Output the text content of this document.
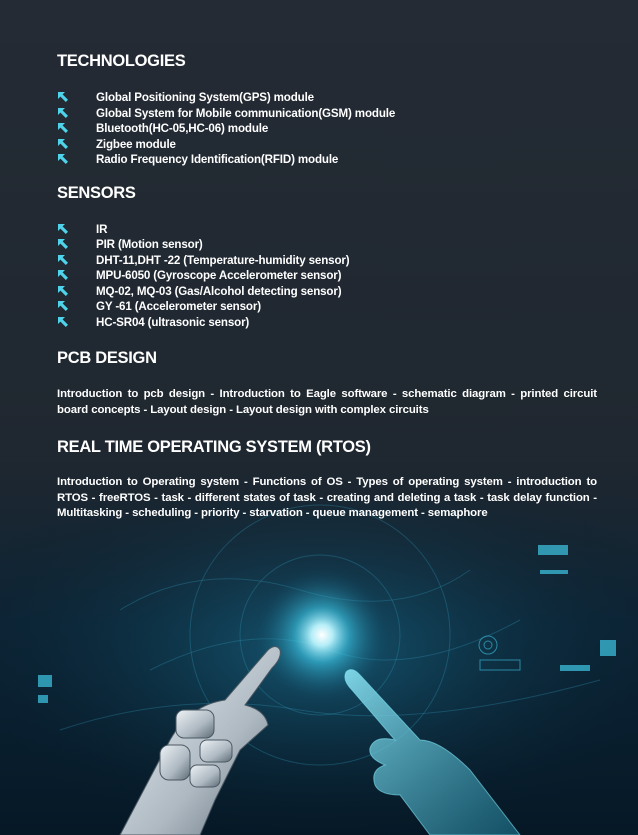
TECHNOLOGIES
Global Positioning System(GPS) module
Global System for Mobile communication(GSM) module
Bluetooth(HC-05,HC-06) module
Zigbee module
Radio Frequency Identification(RFID) module
SENSORS
IR
PIR (Motion sensor)
DHT-11,DHT -22 (Temperature-humidity sensor)
MPU-6050 (Gyroscope Accelerometer sensor)
MQ-02, MQ-03 (Gas/Alcohol detecting sensor)
GY -61 (Accelerometer sensor)
HC-SR04 (ultrasonic sensor)
PCB DESIGN

Introduction to pcb design - Introduction to Eagle software - schematic diagram - printed circuit board concepts - Layout design - Layout design with complex circuits

REAL TIME OPERATING SYSTEM (RTOS)

Introduction to Operating system - Functions of OS - Types of operating system - introduction to RTOS - freeRTOS - task - different states of task - creating and deleting a task - task delay function - Multitasking - scheduling - priority - starvation - queue management - semaphore
